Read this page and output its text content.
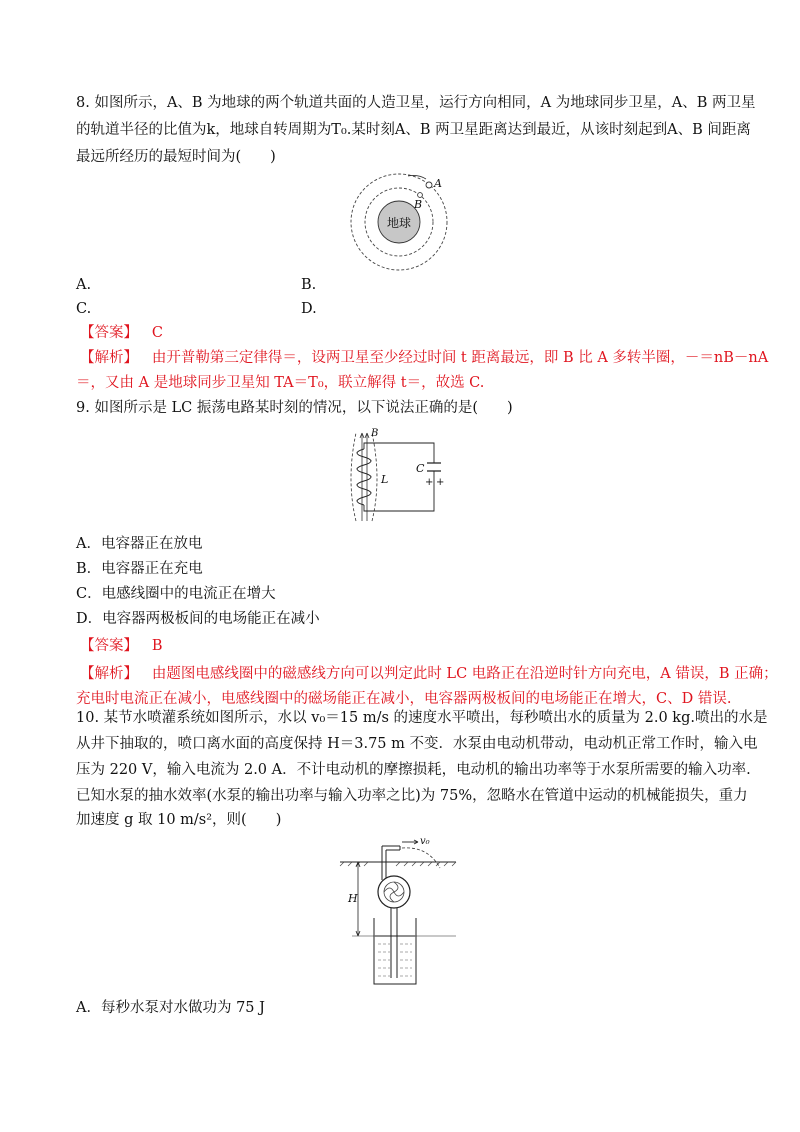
8. 如图所示，A、B 为地球的两个轨道共面的人造卫星，运行方向相同，A 为地球同步卫星，A、B 两卫星
的轨道半径的比值为k，地球自转周期为T₀.某时刻A、B 两卫星距离达到最近，从该时刻起到A、B 间距离
最远所经历的最短时间为(　　)
地球
A
B
A.	B.
C.	D.
【答案】 C
【解析】 由开普勒第三定律得＝，设两卫星至少经过时间 t 距离最远，即 B 比 A 多转半圈，－＝nB－nA
＝，又由 A 是地球同步卫星知 TA＝T₀，联立解得 t＝，故选 C.
9. 如图所示是 LC 振荡电路某时刻的情况，以下说法正确的是(　　)
B
L
C
+ +
A．电容器正在放电
B．电容器正在充电
C．电感线圈中的电流正在增大
D．电容器两极板间的电场能正在减小
【答案】 B
【解析】 由题图电感线圈中的磁感线方向可以判定此时 LC 电路正在沿逆时针方向充电，A 错误，B 正确；
充电时电流正在减小，电感线圈中的磁场能正在减小，电容器两极板间的电场能正在增大，C、D 错误.
10. 某节水喷灌系统如图所示，水以 v₀＝15 m/s 的速度水平喷出，每秒喷出水的质量为 2.0 kg.喷出的水是
从井下抽取的，喷口离水面的高度保持 H＝3.75 m 不变．水泵由电动机带动，电动机正常工作时，输入电
压为 220 V，输入电流为 2.0 A．不计电动机的摩擦损耗，电动机的输出功率等于水泵所需要的输入功率.
已知水泵的抽水效率(水泵的输出功率与输入功率之比)为 75%，忽略水在管道中运动的机械能损失，重力
加速度 g 取 10 m/s²，则(　　)
v₀
H
A．每秒水泵对水做功为 75 J
